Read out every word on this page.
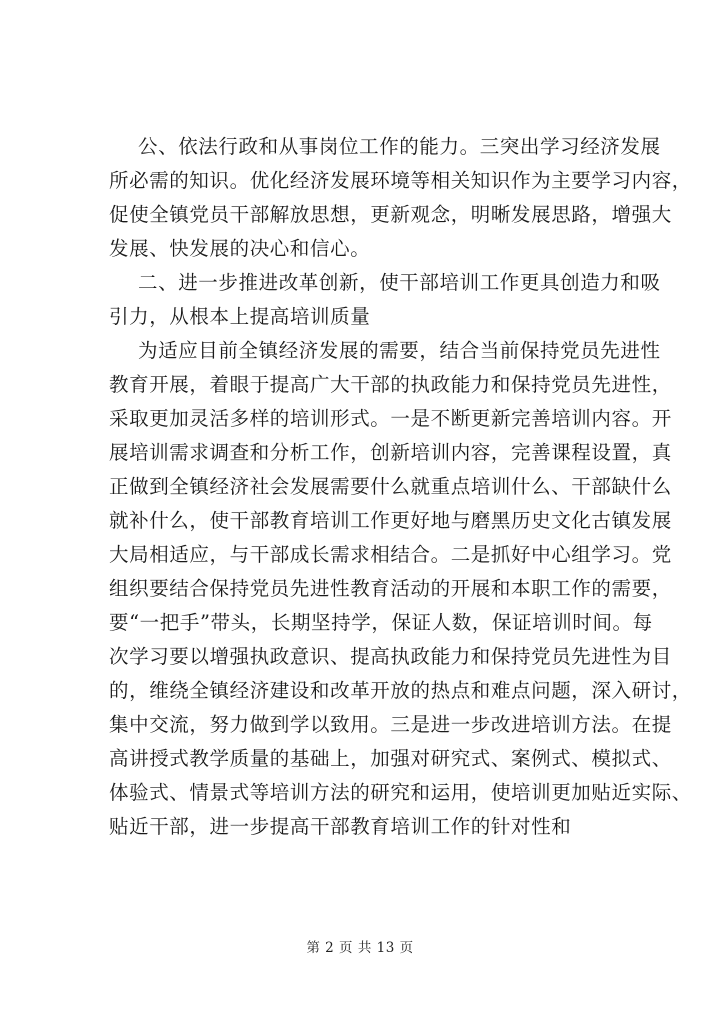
公、依法行政和从事岗位工作的能力。三突出学习经济发展
所必需的知识。优化经济发展环境等相关知识作为主要学习内容，
促使全镇党员干部解放思想，更新观念，明晰发展思路，增强大
发展、快发展的决心和信心。
二、进一步推进改革创新，使干部培训工作更具创造力和吸
引力，从根本上提高培训质量
为适应目前全镇经济发展的需要，结合当前保持党员先进性
教育开展，着眼于提高广大干部的执政能力和保持党员先进性，
采取更加灵活多样的培训形式。一是不断更新完善培训内容。开
展培训需求调查和分析工作，创新培训内容，完善课程设置，真
正做到全镇经济社会发展需要什么就重点培训什么、干部缺什么
就补什么，使干部教育培训工作更好地与磨黑历史文化古镇发展
大局相适应，与干部成长需求相结合。二是抓好中心组学习。党
组织要结合保持党员先进性教育活动的开展和本职工作的需要，
要“一把手”带头，长期坚持学，保证人数，保证培训时间。每
次学习要以增强执政意识、提高执政能力和保持党员先进性为目
的，维绕全镇经济建设和改革开放的热点和难点问题，深入研讨，
集中交流，努力做到学以致用。三是进一步改进培训方法。在提
高讲授式教学质量的基础上，加强对研究式、案例式、模拟式、
体验式、情景式等培训方法的研究和运用，使培训更加贴近实际、
贴近干部，进一步提高干部教育培训工作的针对性和
第 2 页 共 13 页
